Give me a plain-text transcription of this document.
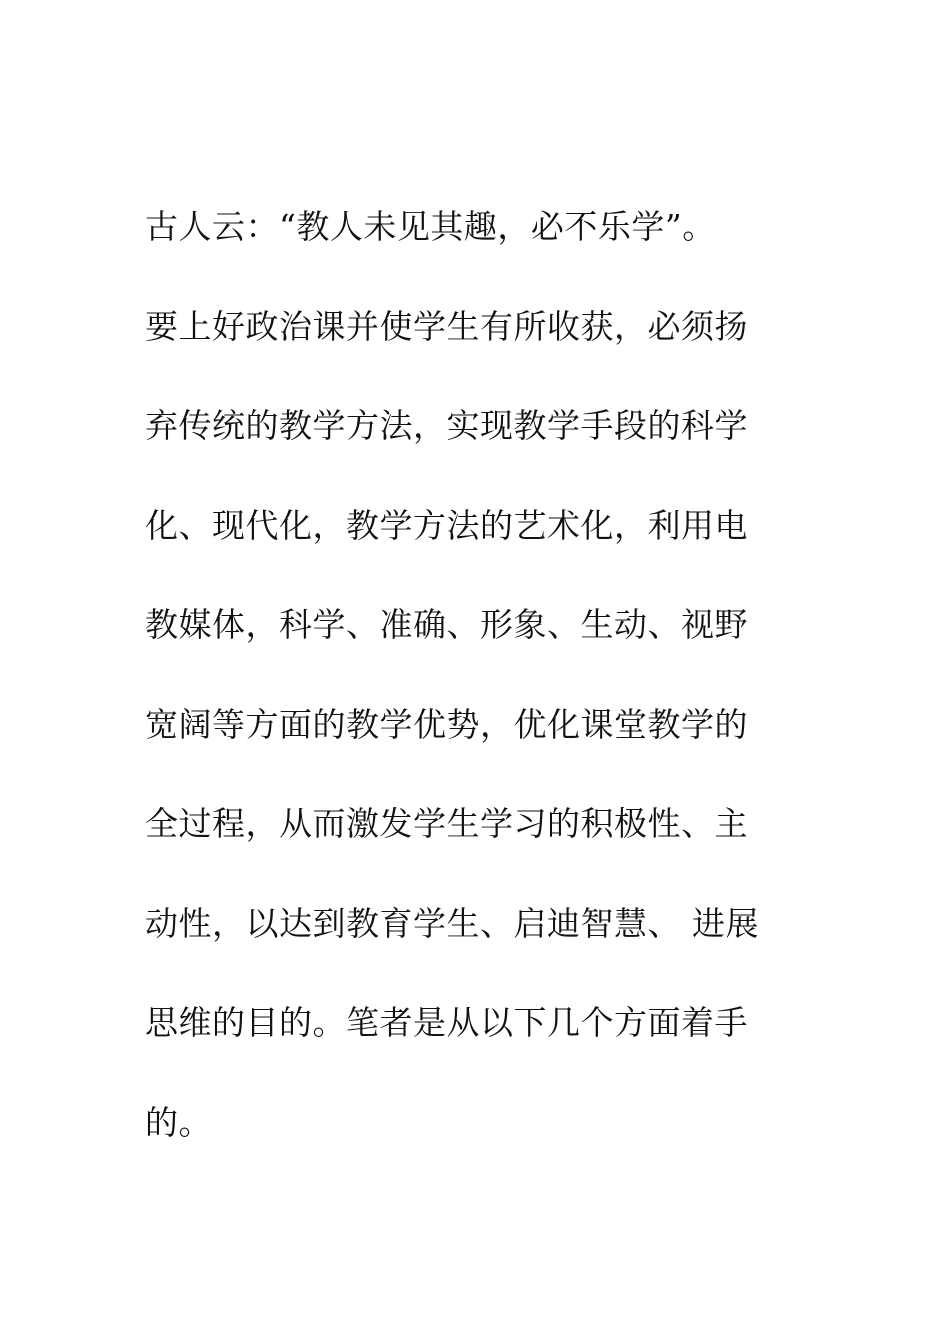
古人云：“教人未见其趣，必不乐学”。
要上好政治课并使学生有所收获，必须扬
弃传统的教学方法，实现教学手段的科学
化、现代化，教学方法的艺术化，利用电
教媒体，科学、准确、形象、生动、视野
宽阔等方面的教学优势，优化课堂教学的
全过程，从而激发学生学习的积极性、主
动性，以达到教育学生、启迪智慧、 进展
思维的目的。笔者是从以下几个方面着手
的。
